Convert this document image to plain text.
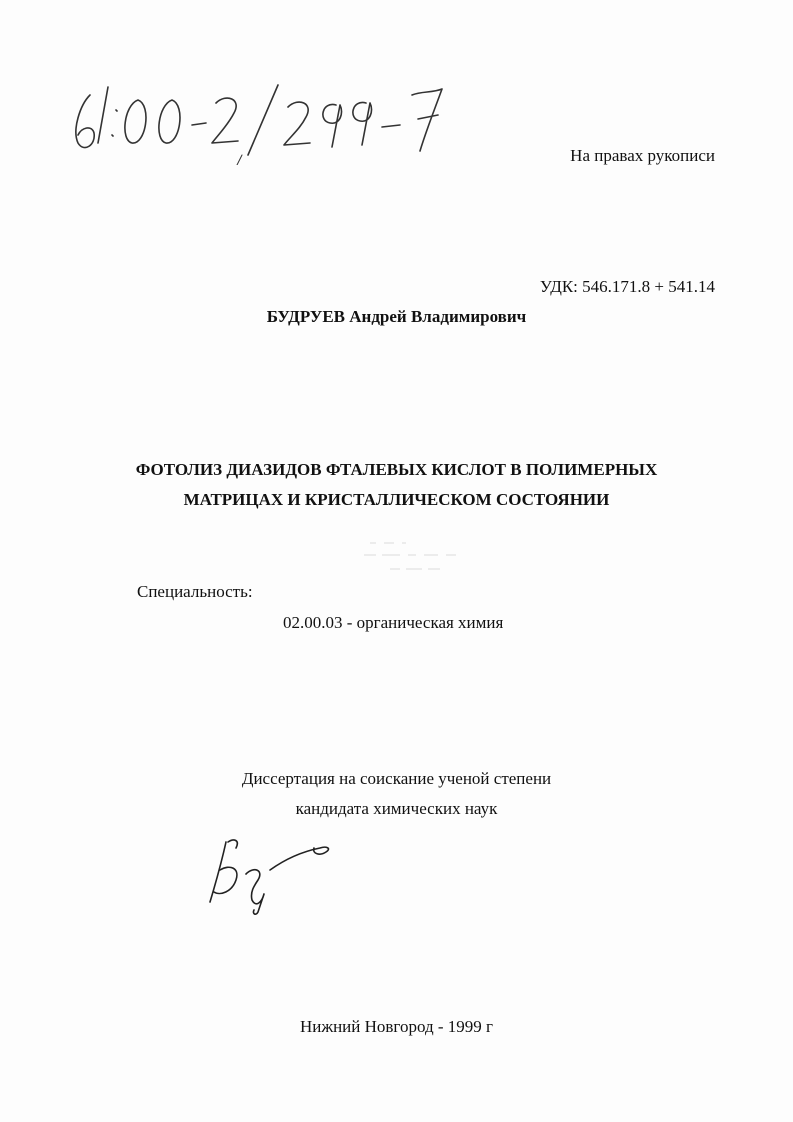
На правах рукописи
УДК: 546.171.8 + 541.14
БУДРУЕВ Андрей Владимирович
ФОТОЛИЗ ДИАЗИДОВ ФТАЛЕВЫХ КИСЛОТ В ПОЛИМЕРНЫХ
МАТРИЦАХ И КРИСТАЛЛИЧЕСКОМ СОСТОЯНИИ
Специальность:
02.00.03 - органическая химия
Диссертация на соискание ученой степени
кандидата химических наук
Нижний Новгород - 1999 г
